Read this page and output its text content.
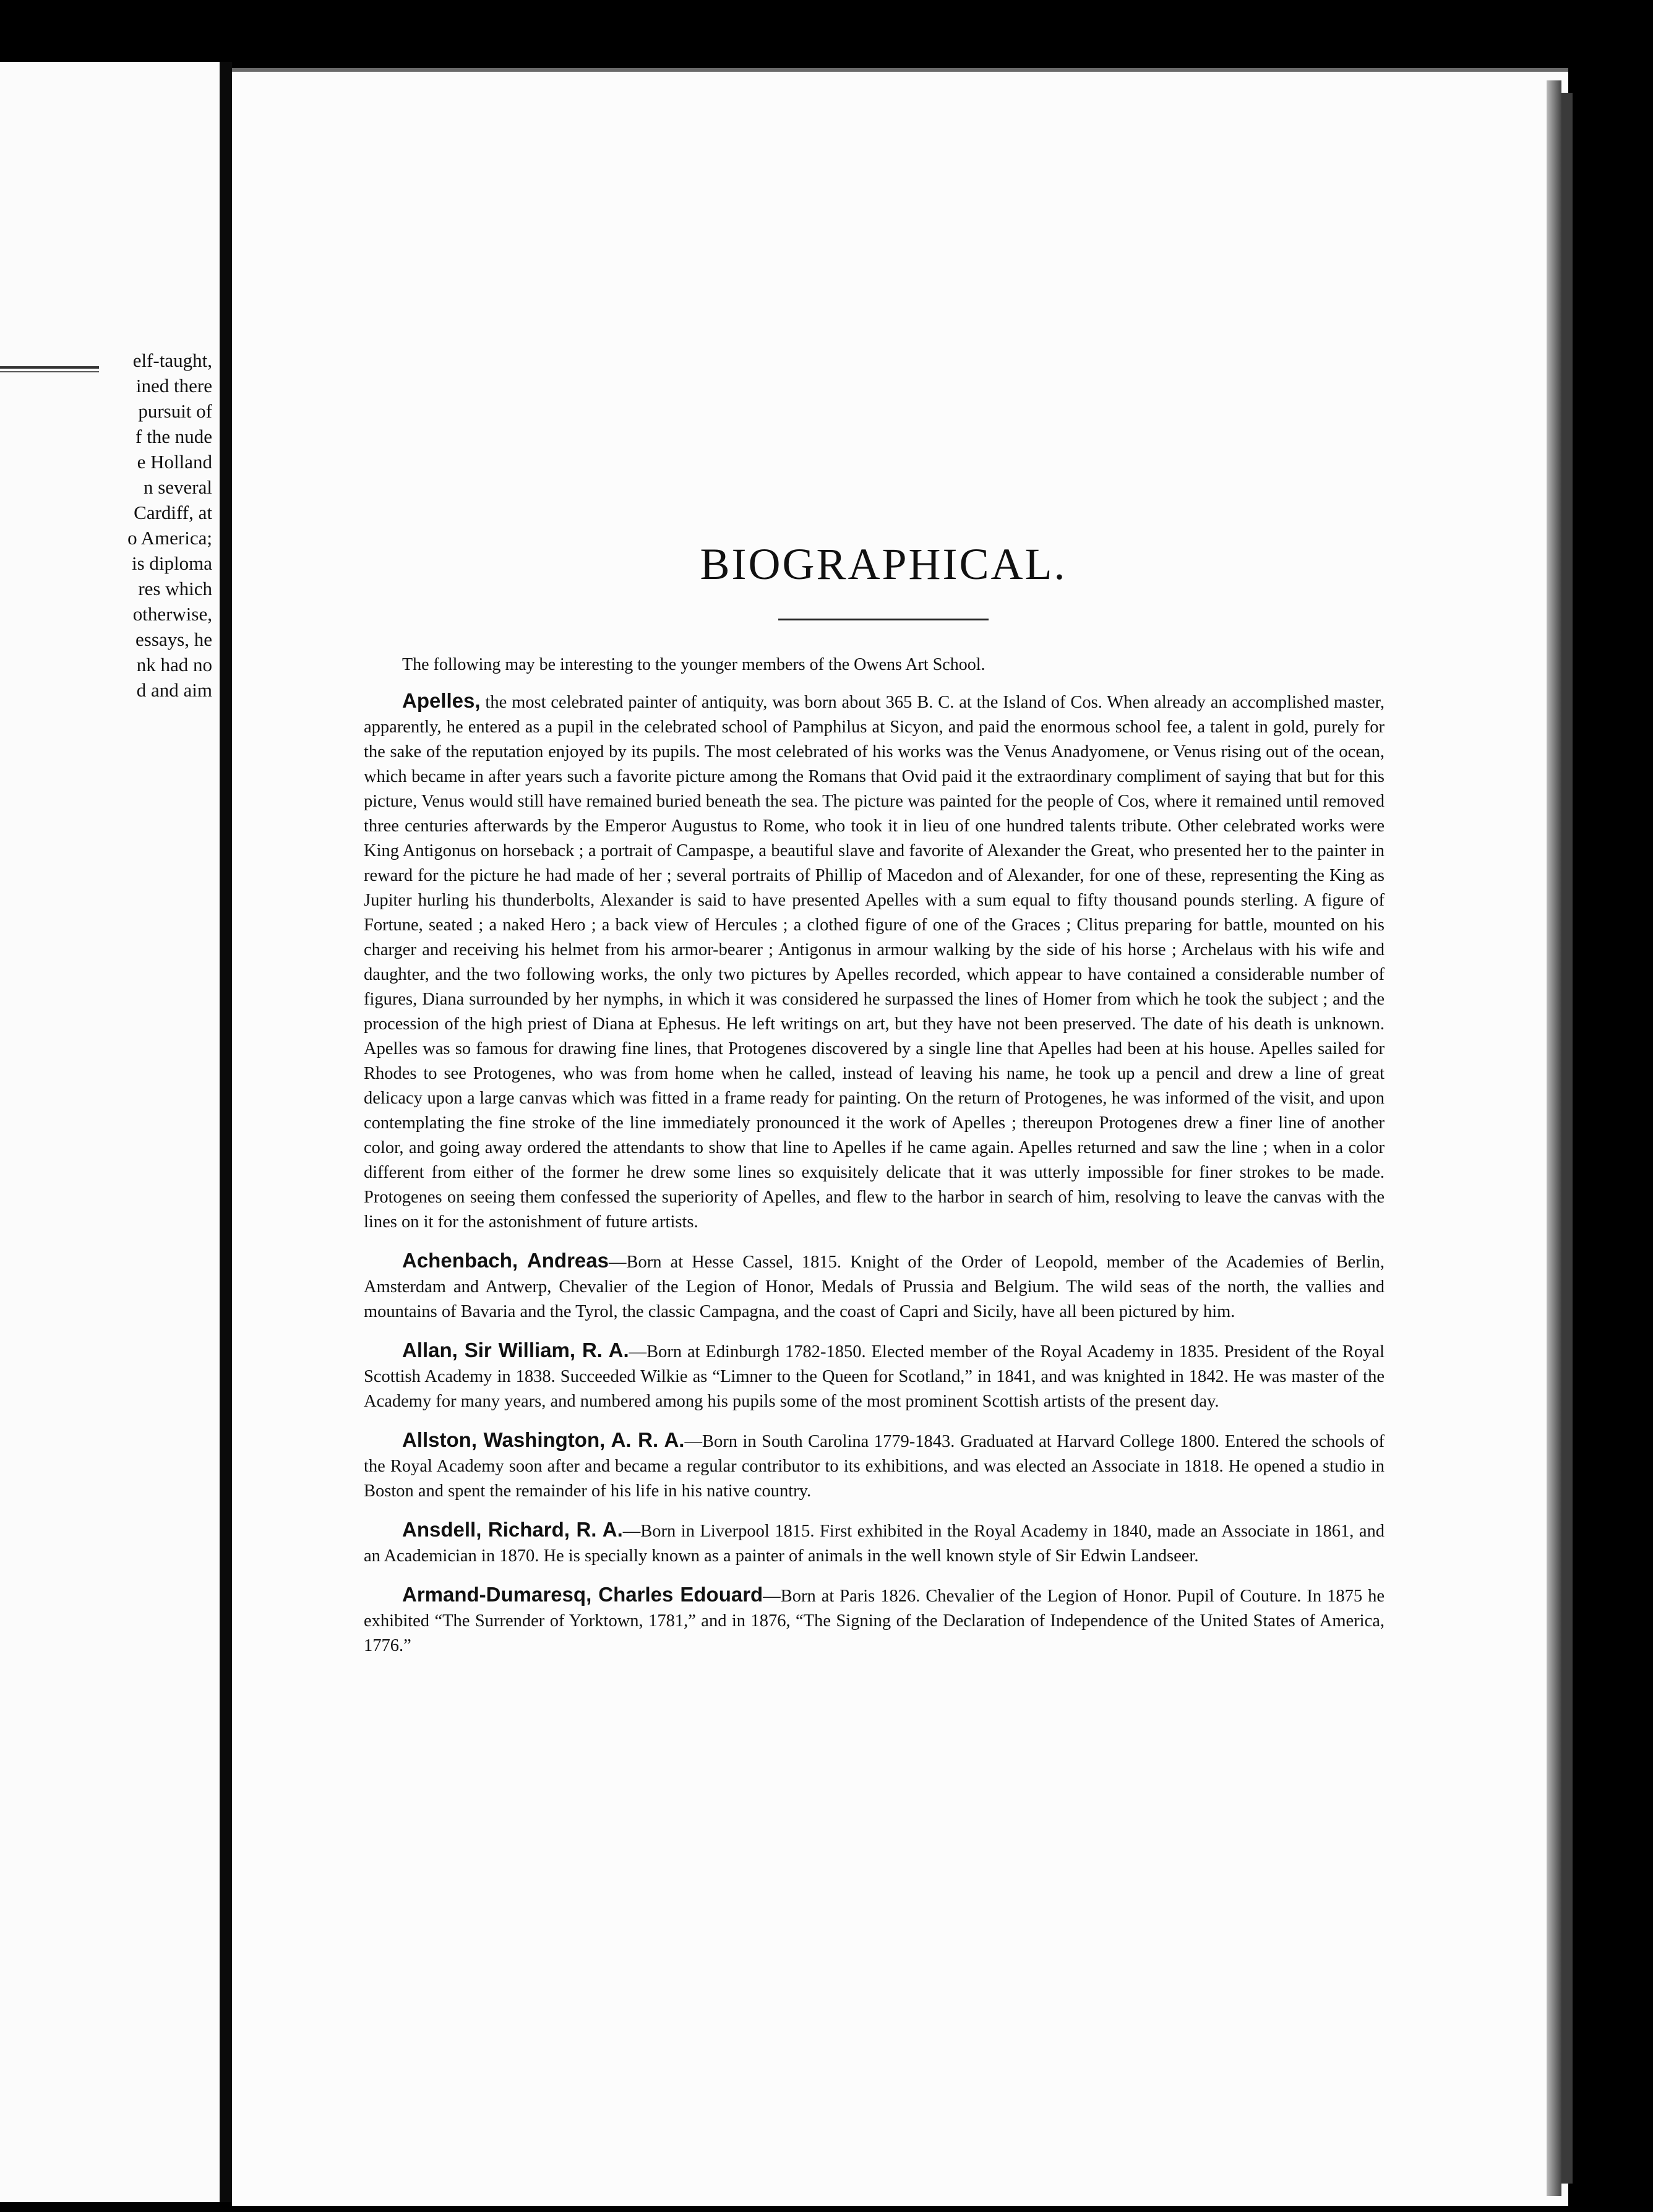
elf-taught,
ined there
pursuit of
f the nude
e Holland
n several
Cardiff, at
o America;
is diploma
res which
otherwise,
essays, he
nk had no
d and aim
BIOGRAPHICAL.

The following may be interesting to the younger members of the Owens Art School.

Apelles, the most celebrated painter of antiquity, was born about 365 B. C. at the Island of Cos. When already an accomplished master, apparently, he entered as a pupil in the celebrated school of Pamphilus at Sicyon, and paid the enormous school fee, a talent in gold, purely for the sake of the reputation enjoyed by its pupils. The most celebrated of his works was the Venus Anadyomene, or Venus rising out of the ocean, which became in after years such a favorite picture among the Romans that Ovid paid it the extraordinary compliment of saying that but for this picture, Venus would still have remained buried beneath the sea. The picture was painted for the people of Cos, where it remained until removed three centuries afterwards by the Emperor Augustus to Rome, who took it in lieu of one hundred talents tribute. Other celebrated works were King Antigonus on horseback ; a portrait of Campaspe, a beautiful slave and favorite of Alexander the Great, who presented her to the painter in reward for the picture he had made of her ; several portraits of Phillip of Macedon and of Alexander, for one of these, representing the King as Jupiter hurling his thunderbolts, Alexander is said to have presented Apelles with a sum equal to fifty thousand pounds sterling. A figure of Fortune, seated ; a naked Hero ; a back view of Hercules ; a clothed figure of one of the Graces ; Clitus preparing for battle, mounted on his charger and receiving his helmet from his armor-bearer ; Antigonus in armour walking by the side of his horse ; Archelaus with his wife and daughter, and the two following works, the only two pictures by Apelles recorded, which appear to have contained a considerable number of figures, Diana surrounded by her nymphs, in which it was considered he surpassed the lines of Homer from which he took the subject ; and the procession of the high priest of Diana at Ephesus. He left writings on art, but they have not been preserved. The date of his death is unknown. Apelles was so famous for drawing fine lines, that Protogenes discovered by a single line that Apelles had been at his house. Apelles sailed for Rhodes to see Protogenes, who was from home when he called, instead of leaving his name, he took up a pencil and drew a line of great delicacy upon a large canvas which was fitted in a frame ready for painting. On the return of Protogenes, he was informed of the visit, and upon contemplating the fine stroke of the line immediately pronounced it the work of Apelles ; thereupon Protogenes drew a finer line of another color, and going away ordered the attendants to show that line to Apelles if he came again. Apelles returned and saw the line ; when in a color different from either of the former he drew some lines so exquisitely delicate that it was utterly impossible for finer strokes to be made. Protogenes on seeing them confessed the superiority of Apelles, and flew to the harbor in search of him, resolving to leave the canvas with the lines on it for the astonishment of future artists.

Achenbach, Andreas—Born at Hesse Cassel, 1815. Knight of the Order of Leopold, member of the Academies of Berlin, Amsterdam and Antwerp, Chevalier of the Legion of Honor, Medals of Prussia and Belgium. The wild seas of the north, the vallies and mountains of Bavaria and the Tyrol, the classic Campagna, and the coast of Capri and Sicily, have all been pictured by him.

Allan, Sir William, R. A.—Born at Edinburgh 1782-1850. Elected member of the Royal Academy in 1835. President of the Royal Scottish Academy in 1838. Succeeded Wilkie as “Limner to the Queen for Scotland,” in 1841, and was knighted in 1842. He was master of the Academy for many years, and numbered among his pupils some of the most prominent Scottish artists of the present day.

Allston, Washington, A. R. A.—Born in South Carolina 1779-1843. Graduated at Harvard College 1800. Entered the schools of the Royal Academy soon after and became a regular contributor to its exhibitions, and was elected an Associate in 1818. He opened a studio in Boston and spent the remainder of his life in his native country.

Ansdell, Richard, R. A.—Born in Liverpool 1815. First exhibited in the Royal Academy in 1840, made an Associate in 1861, and an Academician in 1870. He is specially known as a painter of animals in the well known style of Sir Edwin Landseer.

Armand-Dumaresq, Charles Edouard—Born at Paris 1826. Chevalier of the Legion of Honor. Pupil of Couture. In 1875 he exhibited “The Surrender of Yorktown, 1781,” and in 1876, “The Signing of the Declaration of Independence of the United States of America, 1776.”
